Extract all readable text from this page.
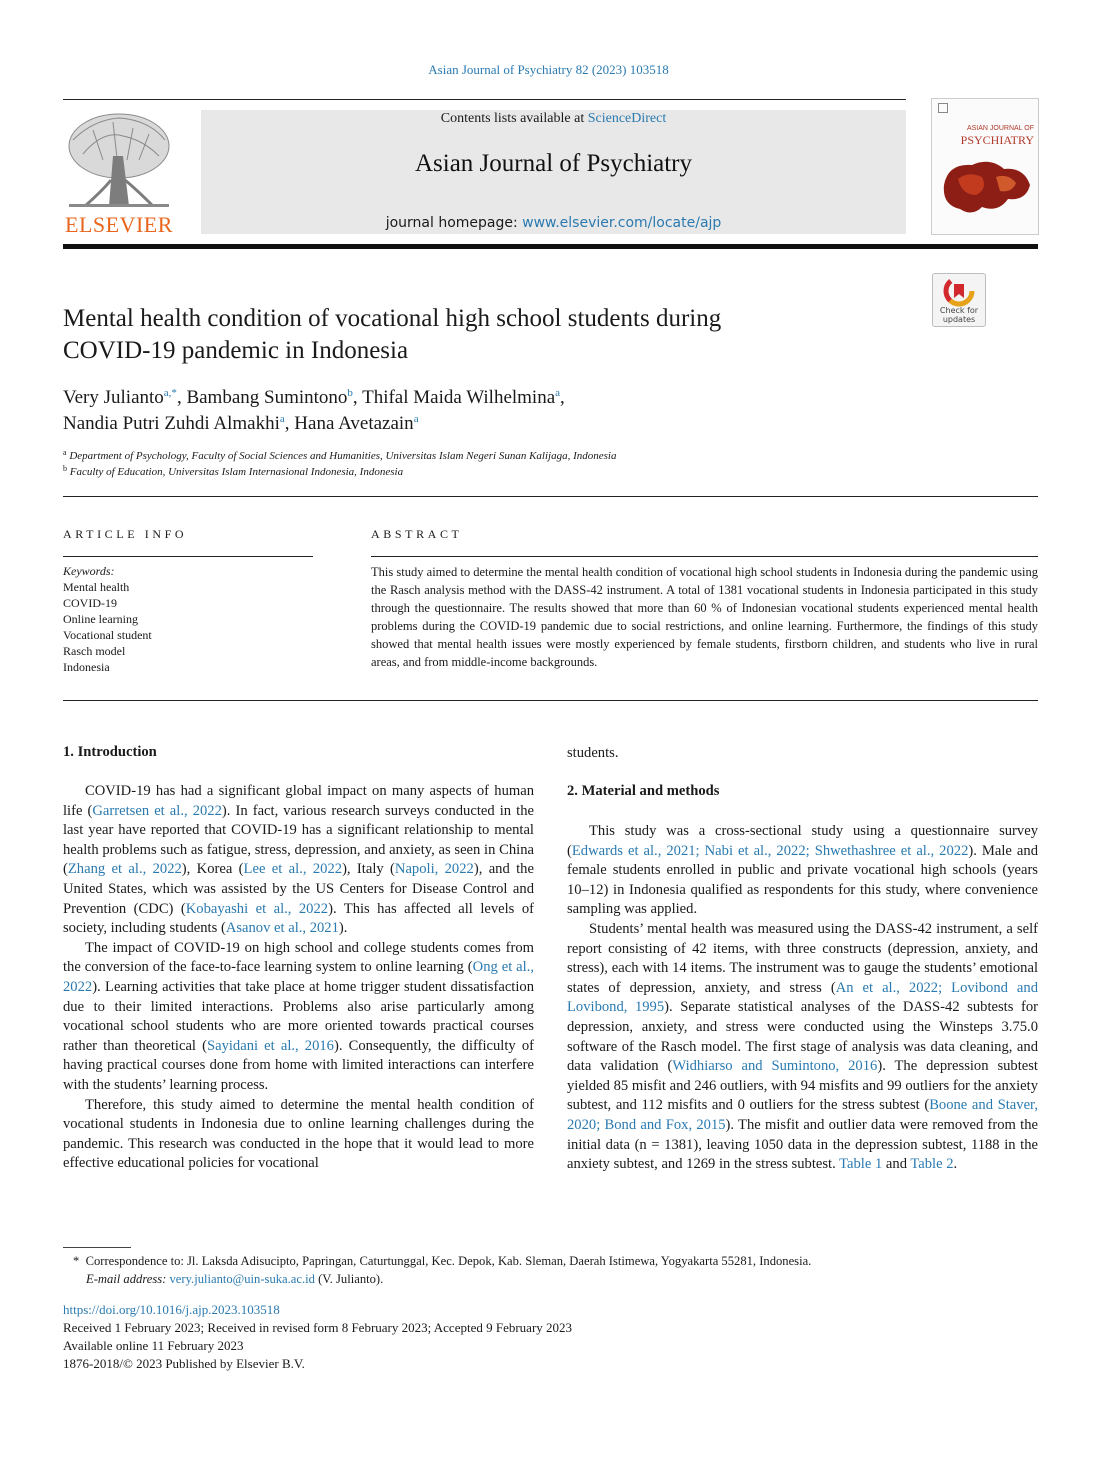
Asian Journal of Psychiatry 82 (2023) 103518
ELSEVIER
Contents lists available at ScienceDirect
Asian Journal of Psychiatry
journal homepage: www.elsevier.com/locate/ajp
ASIAN JOURNAL OF
PSYCHIATRY
Check for
updates
Mental health condition of vocational high school students during
COVID-19 pandemic in Indonesia
Very Julianto$^{a,*}$, Bambang Sumintono$^b$, Thifal Maida Wilhelmina$^a$,
Nandia Putri Zuhdi Almakhi$^a$, Hana Avetazain$^a$
$^a$ Department of Psychology, Faculty of Social Sciences and Humanities, Universitas Islam Negeri Sunan Kalijaga, Indonesia
$^b$ Faculty of Education, Universitas Islam Internasional Indonesia, Indonesia
ARTICLE INFO	ABSTRACT
Keywords:
Mental health
COVID-19
Online learning
Vocational student
Rasch model
Indonesia
This study aimed to determine the mental health condition of vocational high school students in Indonesia during the pandemic using the Rasch analysis method with the DASS-42 instrument. A total of 1381 vocational students in Indonesia participated in this study through the questionnaire. The results showed that more than 60 % of Indonesian vocational students experienced mental health problems during the COVID-19 pandemic due to social restrictions, and online learning. Furthermore, the findings of this study showed that mental health issues were mostly experienced by female students, firstborn children, and students who live in rural areas, and from middle-income backgrounds.
1. Introduction

COVID-19 has had a significant global impact on many aspects of human life (Garretsen et al., 2022). In fact, various research surveys conducted in the last year have reported that COVID-19 has a significant relationship to mental health problems such as fatigue, stress, depression, and anxiety, as seen in China (Zhang et al., 2022), Korea (Lee et al., 2022), Italy (Napoli, 2022), and the United States, which was assisted by the US Centers for Disease Control and Prevention (CDC) (Kobayashi et al., 2022). This has affected all levels of society, including students (Asanov et al., 2021).

The impact of COVID-19 on high school and college students comes from the conversion of the face-to-face learning system to online learning (Ong et al., 2022). Learning activities that take place at home trigger student dissatisfaction due to their limited interactions. Problems also arise particularly among vocational school students who are more oriented towards practical courses rather than theoretical (Sayidani et al., 2016). Consequently, the difficulty of having practical courses done from home with limited interactions can interfere with the students’ learning process.

Therefore, this study aimed to determine the mental health condition of vocational students in Indonesia due to online learning challenges during the pandemic. This research was conducted in the hope that it would lead to more effective educational policies for vocational

students.

2. Material and methods

This study was a cross-sectional study using a questionnaire survey (Edwards et al., 2021; Nabi et al., 2022; Shwethashree et al., 2022). Male and female students enrolled in public and private vocational high schools (years 10–12) in Indonesia qualified as respondents for this study, where convenience sampling was applied.

Students’ mental health was measured using the DASS-42 instrument, a self report consisting of 42 items, with three constructs (depression, anxiety, and stress), each with 14 items. The instrument was to gauge the students’ emotional states of depression, anxiety, and stress (An et al., 2022; Lovibond and Lovibond, 1995). Separate statistical analyses of the DASS-42 subtests for depression, anxiety, and stress were conducted using the Winsteps 3.75.0 software of the Rasch model. The first stage of analysis was data cleaning, and data validation (Widhiarso and Sumintono, 2016). The depression subtest yielded 85 misfit and 246 outliers, with 94 misfits and 99 outliers for the anxiety subtest, and 112 misfits and 0 outliers for the stress subtest (Boone and Staver, 2020; Bond and Fox, 2015). The misfit and outlier data were removed from the initial data (n = 1381), leaving 1050 data in the depression subtest, 1188 in the anxiety subtest, and 1269 in the stress subtest. Table 1 and Table 2.

* Correspondence to: Jl. Laksda Adisucipto, Papringan, Caturtunggal, Kec. Depok, Kab. Sleman, Daerah Istimewa, Yogyakarta 55281, Indonesia.
E-mail address: very.julianto@uin-suka.ac.id (V. Julianto).
https://doi.org/10.1016/j.ajp.2023.103518
Received 1 February 2023; Received in revised form 8 February 2023; Accepted 9 February 2023
Available online 11 February 2023
1876-2018/© 2023 Published by Elsevier B.V.
